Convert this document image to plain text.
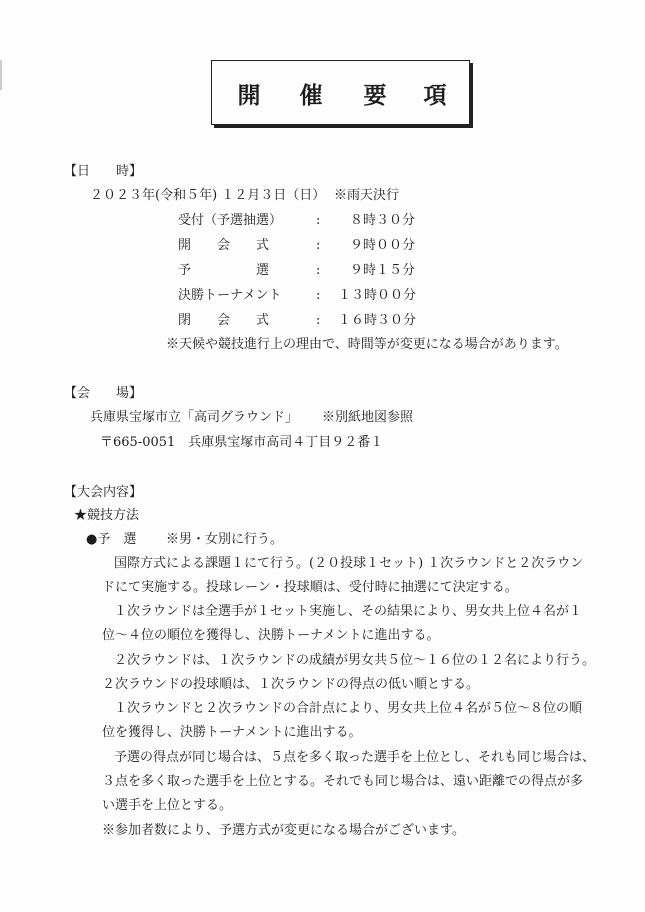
開 催 要 項
【日　　時】
２０２３年(令和５年) １２月３日（日） ※雨天決行
受付（予選抽選）	: ８時３０分
開　　会　　式	: ９時００分
予　　　　　選	: ９時１５分
決勝トーナメント	: １３時００分
閉　　会　　式	: １６時３０分
※天候や競技進行上の理由で、時間等が変更になる場合があります。
【会　　場】
兵庫県宝塚市立「高司グラウンド」 ※別紙地図参照
〒665-0051　兵庫県宝塚市高司４丁目９２番１
【大会内容】
★競技方法
●予　選 ※男・女別に行う。
国際方式による課題１にて行う。(２０投球１セット) １次ラウンドと２次ラウン
ドにて実施する。投球レーン・投球順は、受付時に抽選にて決定する。
１次ラウンドは全選手が１セット実施し、その結果により、男女共上位４名が１
位～４位の順位を獲得し、決勝トーナメントに進出する。
２次ラウンドは、１次ラウンドの成績が男女共５位～１６位の１２名により行う。
２次ラウンドの投球順は、１次ラウンドの得点の低い順とする。
１次ラウンドと２次ラウンドの合計点により、男女共上位４名が５位～８位の順
位を獲得し、決勝トーナメントに進出する。
予選の得点が同じ場合は、５点を多く取った選手を上位とし、それも同じ場合は、
３点を多く取った選手を上位とする。それでも同じ場合は、遠い距離での得点が多
い選手を上位とする。
※参加者数により、予選方式が変更になる場合がございます。
